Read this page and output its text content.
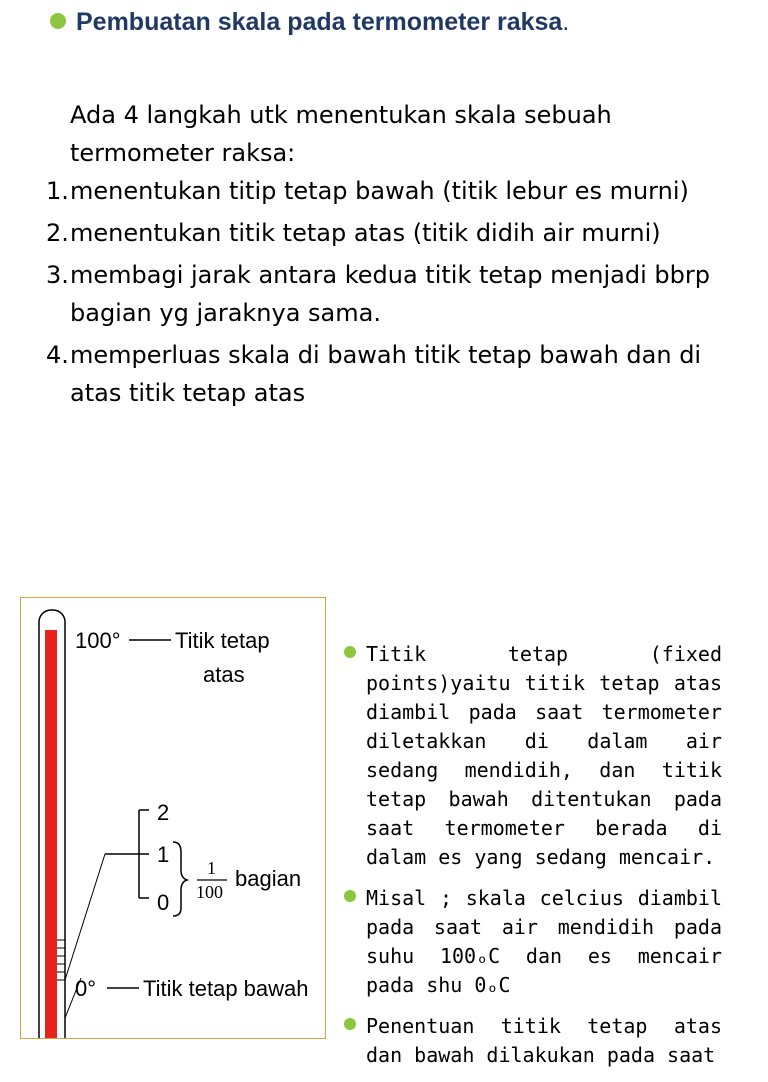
Pembuatan skala pada termometer raksa.

Ada 4 langkah utk menentukan skala sebuah termometer raksa:

1. menentukan titip tetap bawah (titik lebur es murni)
2. menentukan titik tetap atas (titik didih air murni)
3. membagi jarak antara kedua titik tetap menjadi bbrp bagian yg jaraknya sama.
4. memperluas skala di bawah titik tetap bawah dan di atas titik tetap atas
100° Titik tetap
atas
2
1
0
1
100
bagian
0° Titik tetap bawah
Titik tetap (fixed points)yaitu titik tetap atas diambil pada saat termometer diletakkan di dalam air sedang mendidih, dan titik tetap bawah ditentukan pada saat termometer berada di dalam es yang sedang mencair.
Misal ; skala celcius diambil pada saat air mendidih pada suhu 100ₒC dan es mencair pada shu 0ₒC
Penentuan titik tetap atas dan bawah dilakukan pada saat
